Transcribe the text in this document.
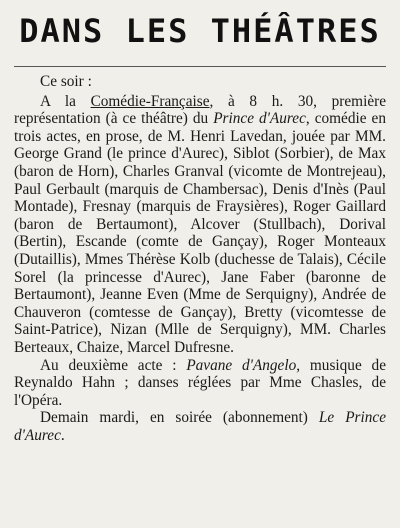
DANS LES THÉÂTRES

Ce soir :

A la Comédie-Française, à 8 h. 30, première représentation (à ce théâtre) du Prince d'Aurec, comédie en trois actes, en prose, de M. Henri Lavedan, jouée par MM. George Grand (le prince d'Aurec), Siblot (Sorbier), de Max (baron de Horn), Charles Granval (vicomte de Montrejeau), Paul Gerbault (marquis de Chambersac), Denis d'Inès (Paul Montade), Fresnay (marquis de Fraysières), Roger Gaillard (baron de Bertaumont), Alcover (Stullbach), Dorival (Bertin), Escande (comte de Gançay), Roger Monteaux (Dutaillis), Mmes Thérèse Kolb (duchesse de Talais), Cécile Sorel (la princesse d'Aurec), Jane Faber (baronne de Bertaumont), Jeanne Even (Mme de Serquigny), Andrée de Chauveron (comtesse de Gançay), Bretty (vicomtesse de Saint-Patrice), Nizan (Mlle de Serquigny), MM. Charles Berteaux, Chaize, Marcel Dufresne.

Au deuxième acte : Pavane d'Angelo, musique de Reynaldo Hahn ; danses réglées par Mme Chasles, de l'Opéra.

Demain mardi, en soirée (abonnement) Le Prince d'Aurec.
